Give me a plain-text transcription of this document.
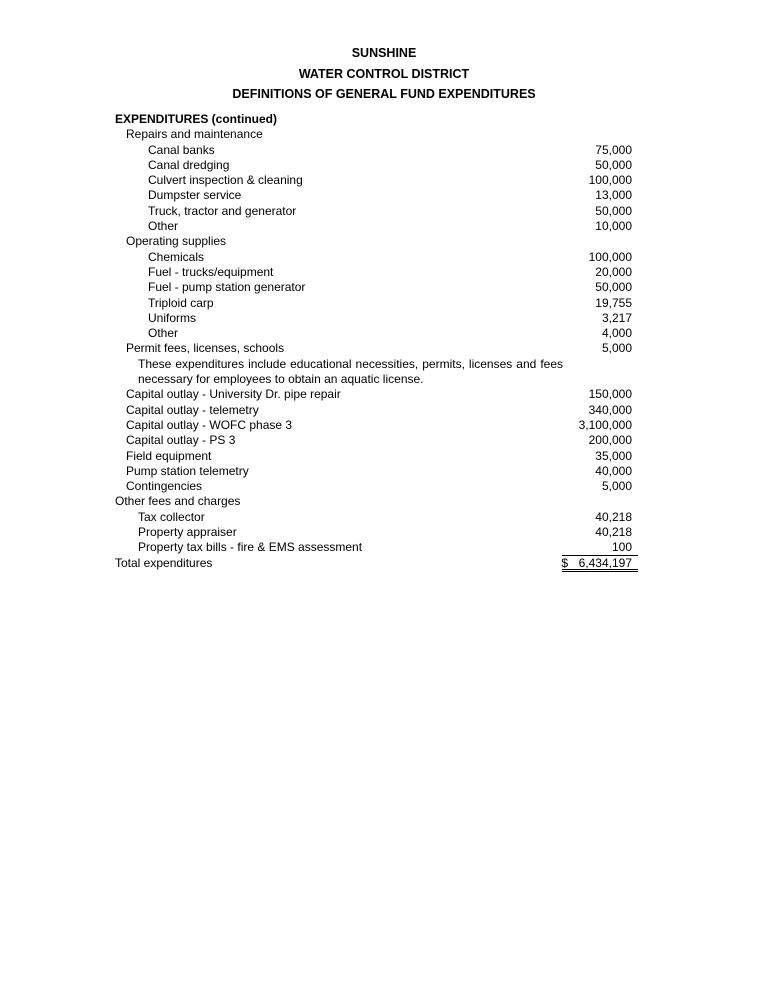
SUNSHINE
WATER CONTROL DISTRICT
DEFINITIONS OF GENERAL FUND EXPENDITURES
EXPENDITURES (continued)
Repairs and maintenance
Canal banks	75,000
Canal dredging	50,000
Culvert inspection & cleaning	100,000
Dumpster service	13,000
Truck, tractor and generator	50,000
Other	10,000
Operating supplies
Chemicals	100,000
Fuel - trucks/equipment	20,000
Fuel - pump station generator	50,000
Triploid carp	19,755
Uniforms	3,217
Other	4,000
Permit fees, licenses, schools	5,000
These expenditures include educational necessities, permits, licenses and fees necessary for employees to obtain an aquatic license.
Capital outlay - University Dr. pipe repair	150,000
Capital outlay - telemetry	340,000
Capital outlay - WOFC phase 3	3,100,000
Capital outlay - PS 3	200,000
Field equipment	35,000
Pump station telemetry	40,000
Contingencies	5,000
Other fees and charges
Tax collector	40,218
Property appraiser	40,218
Property tax bills - fire & EMS assessment	100
Total expenditures	$ 6,434,197
